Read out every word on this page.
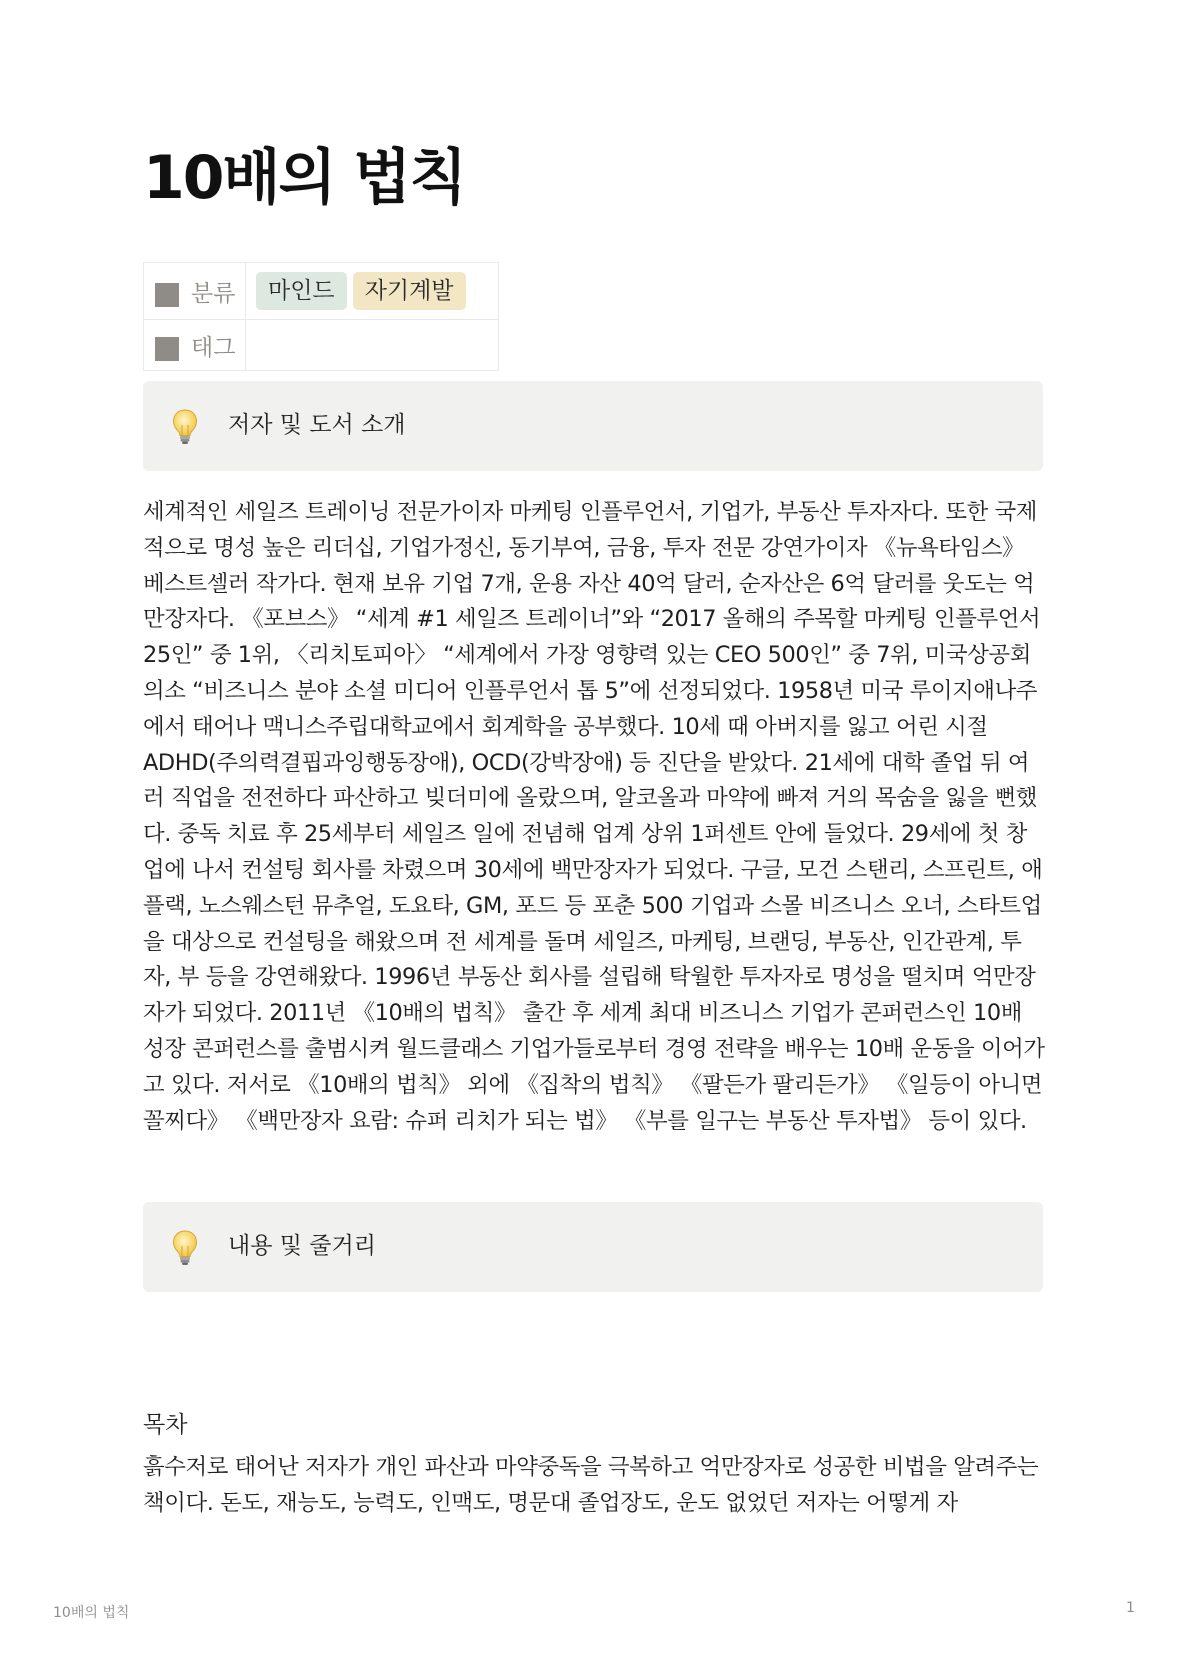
10배의 법칙
분류	마인드 자기계발
태그	
저자 및 도서 소개

세계적인 세일즈 트레이닝 전문가이자 마케팅 인플루언서, 기업가, 부동산 투자자다. 또한 국제적으로 명성 높은 리더십, 기업가정신, 동기부여, 금융, 투자 전문 강연가이자 《뉴욕타임스》 베스트셀러 작가다. 현재 보유 기업 7개, 운용 자산 40억 달러, 순자산은 6억 달러를 웃도는 억만장자다. 《포브스》 “세계 #1 세일즈 트레이너”와 “2017 올해의 주목할 마케팅 인플루언서 25인” 중 1위, 〈리치토피아〉 “세계에서 가장 영향력 있는 CEO 500인” 중 7위, 미국상공회의소 “비즈니스 분야 소셜 미디어 인플루언서 톱 5”에 선정되었다. 1958년 미국 루이지애나주에서 태어나 맥니스주립대학교에서 회계학을 공부했다. 10세 때 아버지를 잃고 어린 시절 ADHD(주의력결핍과잉행동장애), OCD(강박장애) 등 진단을 받았다. 21세에 대학 졸업 뒤 여러 직업을 전전하다 파산하고 빚더미에 올랐으며, 알코올과 마약에 빠져 거의 목숨을 잃을 뻔했다. 중독 치료 후 25세부터 세일즈 일에 전념해 업계 상위 1퍼센트 안에 들었다. 29세에 첫 창업에 나서 컨설팅 회사를 차렸으며 30세에 백만장자가 되었다. 구글, 모건 스탠리, 스프린트, 애플랙, 노스웨스턴 뮤추얼, 도요타, GM, 포드 등 포춘 500 기업과 스몰 비즈니스 오너, 스타트업을 대상으로 컨설팅을 해왔으며 전 세계를 돌며 세일즈, 마케팅, 브랜딩, 부동산, 인간관계, 투자, 부 등을 강연해왔다. 1996년 부동산 회사를 설립해 탁월한 투자자로 명성을 떨치며 억만장자가 되었다. 2011년 《10배의 법칙》 출간 후 세계 최대 비즈니스 기업가 콘퍼런스인 10배 성장 콘퍼런스를 출범시켜 월드클래스 기업가들로부터 경영 전략을 배우는 10배 운동을 이어가고 있다. 저서로 《10배의 법칙》 외에 《집착의 법칙》 《팔든가 팔리든가》 《일등이 아니면 꼴찌다》 《백만장자 요람: 슈퍼 리치가 되는 법》 《부를 일구는 부동산 투자법》 등이 있다.

내용 및 줄거리

목차

흙수저로 태어난 저자가 개인 파산과 마약중독을 극복하고 억만장자로 성공한 비법을 알려주는 책이다. 돈도, 재능도, 능력도, 인맥도, 명문대 졸업장도, 운도 없었던 저자는 어떻게 자

10배의 법칙	1
